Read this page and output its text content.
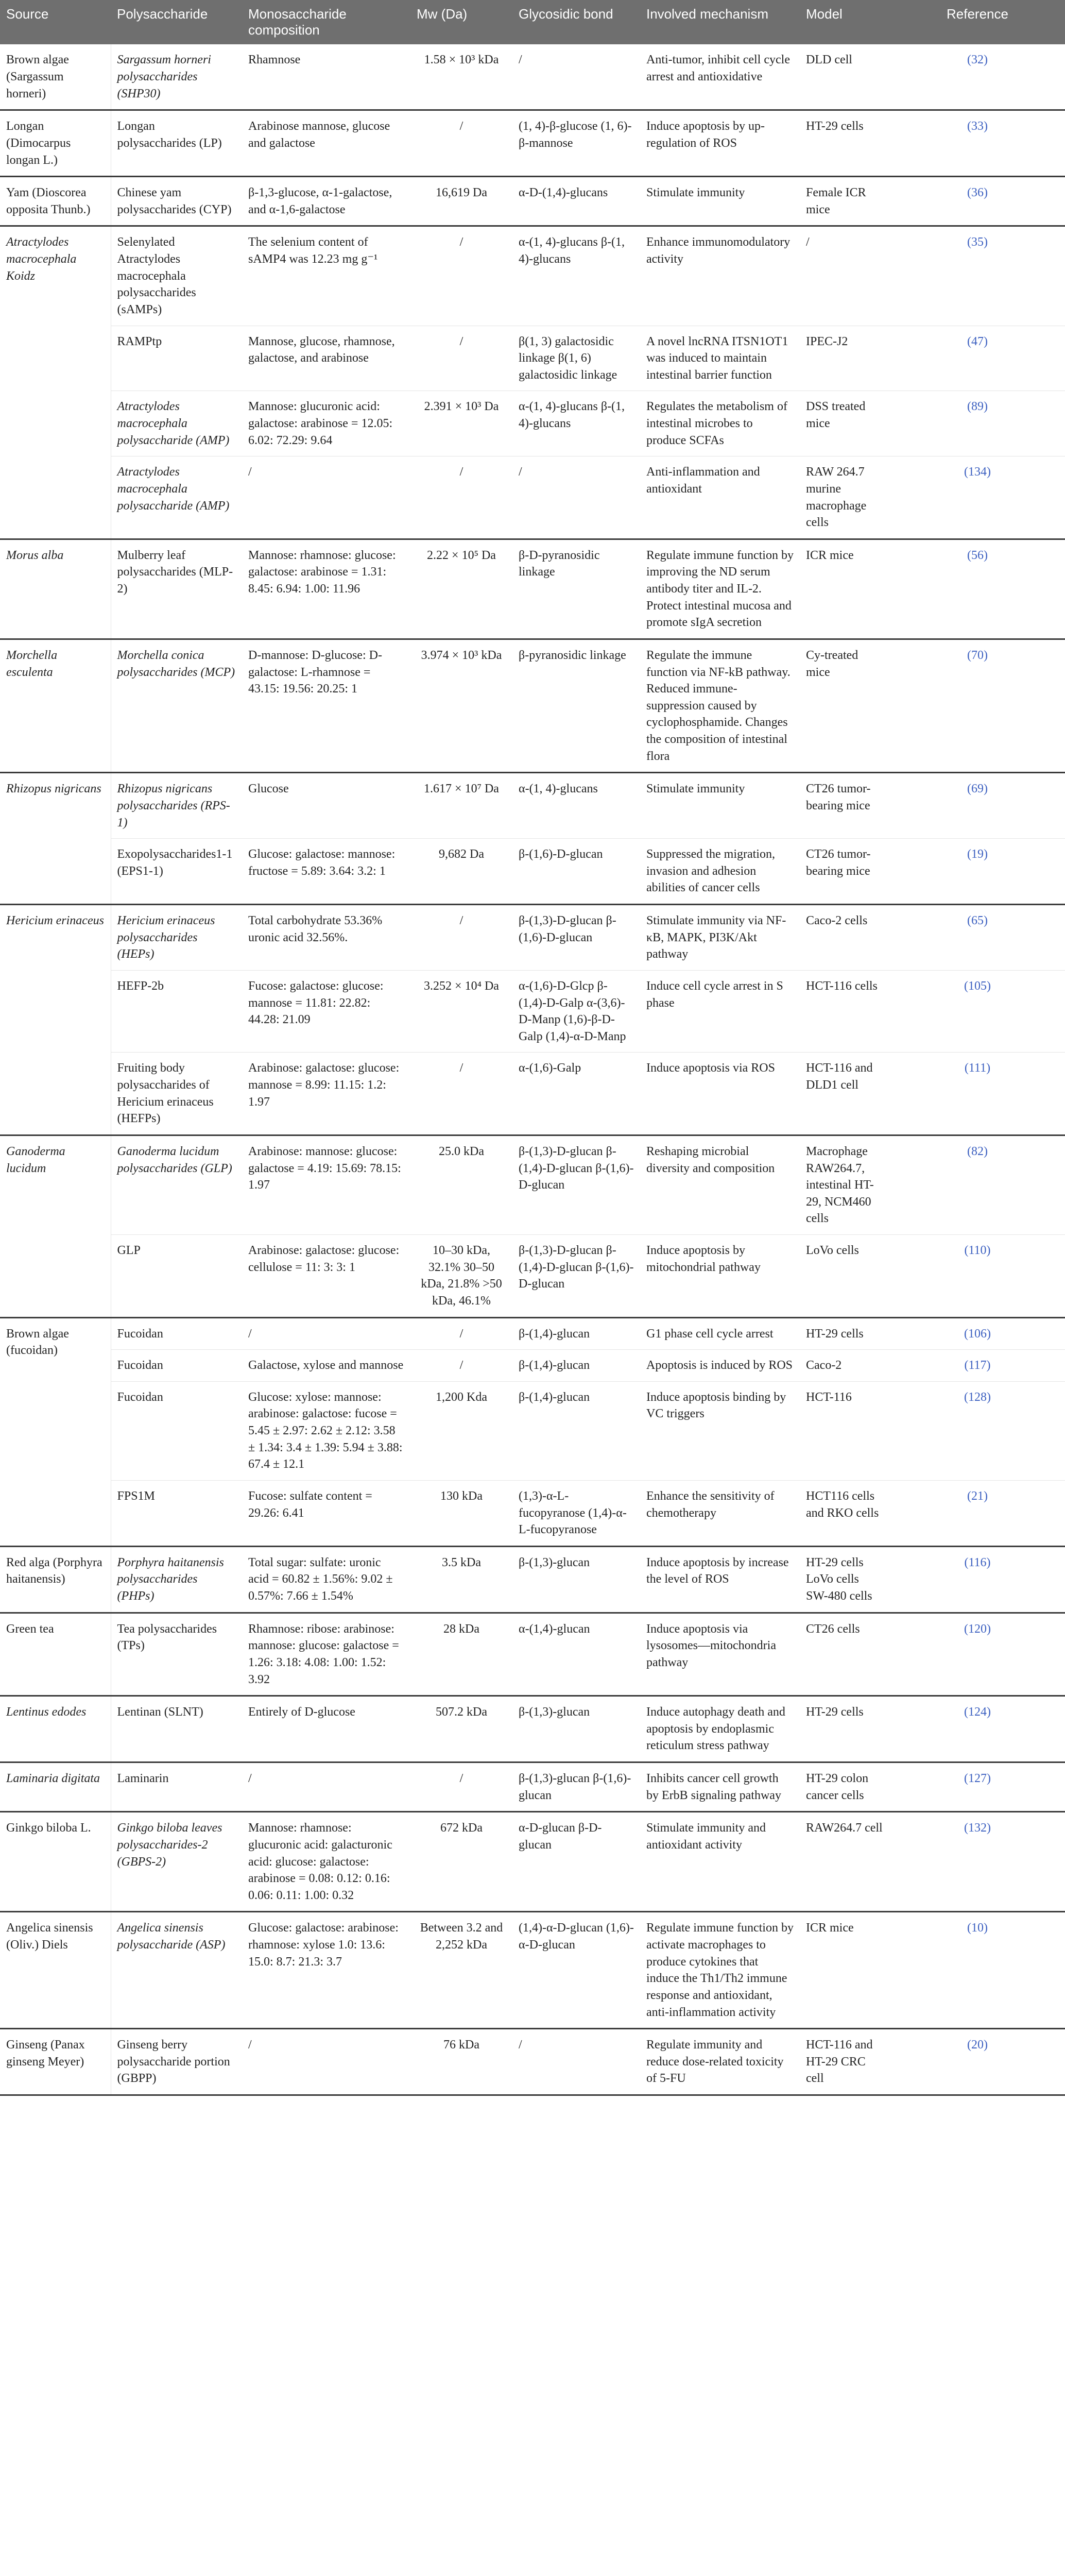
Source	Polysaccharide	Monosaccharide composition	Mw (Da)	Glycosidic bond	Involved mechanism	Model	Reference
Brown algae (Sargassum horneri)	Sargassum horneri polysaccharides (SHP30)	Rhamnose	1.58 × 10³ kDa	/	Anti-tumor, inhibit cell cycle arrest and antioxidative	DLD cell	(32)
Longan (Dimocarpus longan L.)	Longan polysaccharides (LP)	Arabinose mannose, glucose and galactose	/	(1, 4)-β-glucose (1, 6)-β-mannose	Induce apoptosis by up-regulation of ROS	HT-29 cells	(33)
Yam (Dioscorea opposita Thunb.)	Chinese yam polysaccharides (CYP)	β-1,3-glucose, α-1-galactose, and α-1,6-galactose	16,619 Da	α-D-(1,4)-glucans	Stimulate immunity	Female ICR mice	(36)
Atractylodes macrocephala Koidz	Selenylated Atractylodes macrocephala polysaccharides (sAMPs)	The selenium content of sAMP4 was 12.23 mg g⁻¹	/	α-(1, 4)-glucans β-(1, 4)-glucans	Enhance immunomodulatory activity	/	(35)
	RAMPtp	Mannose, glucose, rhamnose, galactose, and arabinose	/	β(1, 3) galactosidic linkage β(1, 6) galactosidic linkage	A novel lncRNA ITSN1OT1 was induced to maintain intestinal barrier function	IPEC-J2	(47)
	Atractylodes macrocephala polysaccharide (AMP)	Mannose: glucuronic acid: galactose: arabinose = 12.05: 6.02: 72.29: 9.64	2.391 × 10³ Da	α-(1, 4)-glucans β-(1, 4)-glucans	Regulates the metabolism of intestinal microbes to produce SCFAs	DSS treated mice	(89)
	Atractylodes macrocephala polysaccharide (AMP)	/	/	/	Anti-inflammation and antioxidant	RAW 264.7 murine macrophage cells	(134)
Morus alba	Mulberry leaf polysaccharides (MLP-2)	Mannose: rhamnose: glucose: galactose: arabinose = 1.31: 8.45: 6.94: 1.00: 11.96	2.22 × 10⁵ Da	β-D-pyranosidic linkage	Regulate immune function by improving the ND serum antibody titer and IL-2. Protect intestinal mucosa and promote sIgA secretion	ICR mice	(56)
Morchella esculenta	Morchella conica polysaccharides (MCP)	D-mannose: D-glucose: D-galactose: L-rhamnose = 43.15: 19.56: 20.25: 1	3.974 × 10³ kDa	β-pyranosidic linkage	Regulate the immune function via NF-kB pathway. Reduced immune-suppression caused by cyclophosphamide. Changes the composition of intestinal flora	Cy-treated mice	(70)
Rhizopus nigricans	Rhizopus nigricans polysaccharides (RPS-1)	Glucose	1.617 × 10⁷ Da	α-(1, 4)-glucans	Stimulate immunity	CT26 tumor-bearing mice	(69)
	Exopolysaccharides1-1 (EPS1-1)	Glucose: galactose: mannose: fructose = 5.89: 3.64: 3.2: 1	9,682 Da	β-(1,6)-D-glucan	Suppressed the migration, invasion and adhesion abilities of cancer cells	CT26 tumor-bearing mice	(19)
Hericium erinaceus	Hericium erinaceus polysaccharides (HEPs)	Total carbohydrate 53.36% uronic acid 32.56%.	/	β-(1,3)-D-glucan β-(1,6)-D-glucan	Stimulate immunity via NF-κB, MAPK, PI3K/Akt pathway	Caco-2 cells	(65)
	HEFP-2b	Fucose: galactose: glucose: mannose = 11.81: 22.82: 44.28: 21.09	3.252 × 10⁴ Da	α-(1,6)-D-Glcp β-(1,4)-D-Galp α-(3,6)-D-Manp (1,6)-β-D-Galp (1,4)-α-D-Manp	Induce cell cycle arrest in S phase	HCT-116 cells	(105)
	Fruiting body polysaccharides of Hericium erinaceus (HEFPs)	Arabinose: galactose: glucose: mannose = 8.99: 11.15: 1.2: 1.97	/	α-(1,6)-Galp	Induce apoptosis via ROS	HCT-116 and DLD1 cell	(111)
Ganoderma lucidum	Ganoderma lucidum polysaccharides (GLP)	Arabinose: mannose: glucose: galactose = 4.19: 15.69: 78.15: 1.97	25.0 kDa	β-(1,3)-D-glucan β-(1,4)-D-glucan β-(1,6)-D-glucan	Reshaping microbial diversity and composition	Macrophage RAW264.7, intestinal HT-29, NCM460 cells	(82)
	GLP	Arabinose: galactose: glucose: cellulose = 11: 3: 3: 1	10–30 kDa, 32.1% 30–50 kDa, 21.8% >50 kDa, 46.1%	β-(1,3)-D-glucan β-(1,4)-D-glucan β-(1,6)-D-glucan	Induce apoptosis by mitochondrial pathway	LoVo cells	(110)
Brown algae (fucoidan)	Fucoidan	/	/	β-(1,4)-glucan	G1 phase cell cycle arrest	HT-29 cells	(106)
	Fucoidan	Galactose, xylose and mannose	/	β-(1,4)-glucan	Apoptosis is induced by ROS	Caco-2	(117)
	Fucoidan	Glucose: xylose: mannose: arabinose: galactose: fucose = 5.45 ± 2.97: 2.62 ± 2.12: 3.58 ± 1.34: 3.4 ± 1.39: 5.94 ± 3.88: 67.4 ± 12.1	1,200 Kda	β-(1,4)-glucan	Induce apoptosis binding by VC triggers	HCT-116	(128)
	FPS1M	Fucose: sulfate content = 29.26: 6.41	130 kDa	(1,3)-α-L-fucopyranose (1,4)-α-L-fucopyranose	Enhance the sensitivity of chemotherapy	HCT116 cells and RKO cells	(21)
Red alga (Porphyra haitanensis)	Porphyra haitanensis polysaccharides (PHPs)	Total sugar: sulfate: uronic acid = 60.82 ± 1.56%: 9.02 ± 0.57%: 7.66 ± 1.54%	3.5 kDa	β-(1,3)-glucan	Induce apoptosis by increase the level of ROS	HT-29 cells LoVo cells SW-480 cells	(116)
Green tea	Tea polysaccharides (TPs)	Rhamnose: ribose: arabinose: mannose: glucose: galactose = 1.26: 3.18: 4.08: 1.00: 1.52: 3.92	28 kDa	α-(1,4)-glucan	Induce apoptosis via lysosomes—mitochondria pathway	CT26 cells	(120)
Lentinus edodes	Lentinan (SLNT)	Entirely of D-glucose	507.2 kDa	β-(1,3)-glucan	Induce autophagy death and apoptosis by endoplasmic reticulum stress pathway	HT-29 cells	(124)
Laminaria digitata	Laminarin	/	/	β-(1,3)-glucan β-(1,6)-glucan	Inhibits cancer cell growth by ErbB signaling pathway	HT-29 colon cancer cells	(127)
Ginkgo biloba L.	Ginkgo biloba leaves polysaccharides-2 (GBPS-2)	Mannose: rhamnose: glucuronic acid: galacturonic acid: glucose: galactose: arabinose = 0.08: 0.12: 0.16: 0.06: 0.11: 1.00: 0.32	672 kDa	α-D-glucan β-D-glucan	Stimulate immunity and antioxidant activity	RAW264.7 cell	(132)
Angelica sinensis (Oliv.) Diels	Angelica sinensis polysaccharide (ASP)	Glucose: galactose: arabinose: rhamnose: xylose 1.0: 13.6: 15.0: 8.7: 21.3: 3.7	Between 3.2 and 2,252 kDa	(1,4)-α-D-glucan (1,6)-α-D-glucan	Regulate immune function by activate macrophages to produce cytokines that induce the Th1/Th2 immune response and antioxidant, anti-inflammation activity	ICR mice	(10)
Ginseng (Panax ginseng Meyer)	Ginseng berry polysaccharide portion (GBPP)	/	76 kDa	/	Regulate immunity and reduce dose-related toxicity of 5-FU	HCT-116 and HT-29 CRC cell	(20)
